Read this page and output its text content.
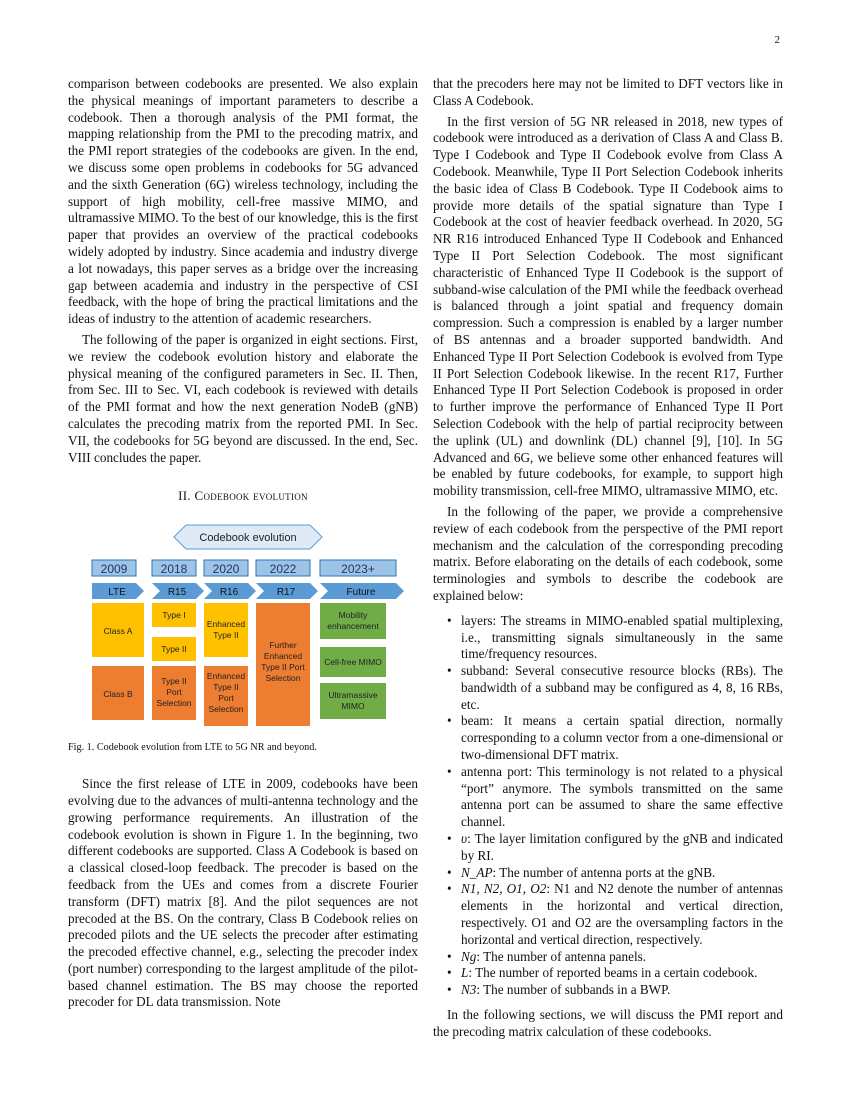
2

comparison between codebooks are presented. We also explain the physical meanings of important parameters to describe a codebook. Then a thorough analysis of the PMI format, the mapping relationship from the PMI to the precoding matrix, and the PMI report strategies of the codebooks are given. In the end, we discuss some open problems in codebooks for 5G advanced and the sixth Generation (6G) wireless technology, including the support of high mobility, cell-free massive MIMO, and ultramassive MIMO. To the best of our knowledge, this is the first paper that provides an overview of the practical codebooks widely adopted by industry. Since academia and industry diverge a lot nowadays, this paper serves as a bridge over the increasing gap between academia and industry in the perspective of CSI feedback, with the hope of bring the practical limitations and the ideas of industry to the attention of academic researchers.

The following of the paper is organized in eight sections. First, we review the codebook evolution history and elaborate the physical meaning of the configured parameters in Sec. II. Then, from Sec. III to Sec. VI, each codebook is reviewed with details of the PMI format and how the next generation NodeB (gNB) calculates the precoding matrix from the reported PMI. In Sec. VII, the codebooks for 5G beyond are discussed. In the end, Sec. VIII concludes the paper.

II. Codebook evolution
Codebook evolution
2009	2018 2020	2022	2023+
LTE	R15	R16	R17	Future
Class A
Class B
Type I
Type II
Type II Port Selection
Enhanced Type II
Enhanced Type II Port Selection
Further Enhanced Type II Port Selection
Mobility enhancement
Cell-free MIMO
Ultramassive MIMO
Fig. 1. Codebook evolution from LTE to 5G NR and beyond.

Since the first release of LTE in 2009, codebooks have been evolving due to the advances of multi-antenna technology and the growing performance requirements. An illustration of the codebook evolution is shown in Figure 1. In the beginning, two different codebooks are supported. Class A Codebook is based on a classical closed-loop feedback. The precoder is based on the feedback from the UEs and comes from a discrete Fourier transform (DFT) matrix [8]. And the pilot sequences are not precoded at the BS. On the contrary, Class B Codebook relies on precoded pilots and the UE selects the precoder after estimating the precoded effective channel, e.g., selecting the precoder index (port number) corresponding to the largest amplitude of the pilot-based channel estimation. The BS may choose the reported precoder for DL data transmission. Note

that the precoders here may not be limited to DFT vectors like in Class A Codebook.

In the first version of 5G NR released in 2018, new types of codebook were introduced as a derivation of Class A and Class B. Type I Codebook and Type II Codebook evolve from Class A Codebook. Meanwhile, Type II Port Selection Codebook inherits the basic idea of Class B Codebook. Type II Codebook aims to provide more details of the spatial signature than Type I Codebook at the cost of heavier feedback overhead. In 2020, 5G NR R16 introduced Enhanced Type II Codebook and Enhanced Type II Port Selection Codebook. The most significant characteristic of Enhanced Type II Codebook is the support of subband-wise calculation of the PMI while the feedback overhead is balanced through a joint spatial and frequency domain compression. Such a compression is enabled by a larger number of BS antennas and a broader supported bandwidth. And Enhanced Type II Port Selection Codebook is evolved from Type II Port Selection Codebook likewise. In the recent R17, Further Enhanced Type II Port Selection Codebook is proposed in order to further improve the performance of Enhanced Type II Port Selection Codebook with the help of partial reciprocity between the uplink (UL) and downlink (DL) channel [9], [10]. In 5G Advanced and 6G, we believe some other enhanced features will be enabled by future codebooks, for example, to support high mobility transmission, cell-free MIMO, ultramassive MIMO, etc.

In the following of the paper, we provide a comprehensive review of each codebook from the perspective of the PMI report mechanism and the calculation of the corresponding precoding matrix. Before elaborating on the details of each codebook, some terminologies and symbols to describe the codebook are explained below:

• layers: The streams in MIMO-enabled spatial multiplexing, i.e., transmitting signals simultaneously in the same time/frequency resources.
• subband: Several consecutive resource blocks (RBs). The bandwidth of a subband may be configured as 4, 8, 16 RBs, etc.
• beam: It means a certain spatial direction, normally corresponding to a column vector from a one-dimensional or two-dimensional DFT matrix.
• antenna port: This terminology is not related to a physical “port” anymore. The symbols transmitted on the same antenna port can be assumed to share the same effective channel.
• υ: The layer limitation configured by the gNB and indicated by RI.
• N_AP: The number of antenna ports at the gNB.
• N1, N2, O1, O2: N1 and N2 denote the number of antennas elements in the horizontal and vertical direction, respectively. O1 and O2 are the oversampling factors in the horizontal and vertical direction, respectively.
• Ng: The number of antenna panels.
• L: The number of reported beams in a certain codebook.
• N3: The number of subbands in a BWP.

In the following sections, we will discuss the PMI report and the precoding matrix calculation of these codebooks.
